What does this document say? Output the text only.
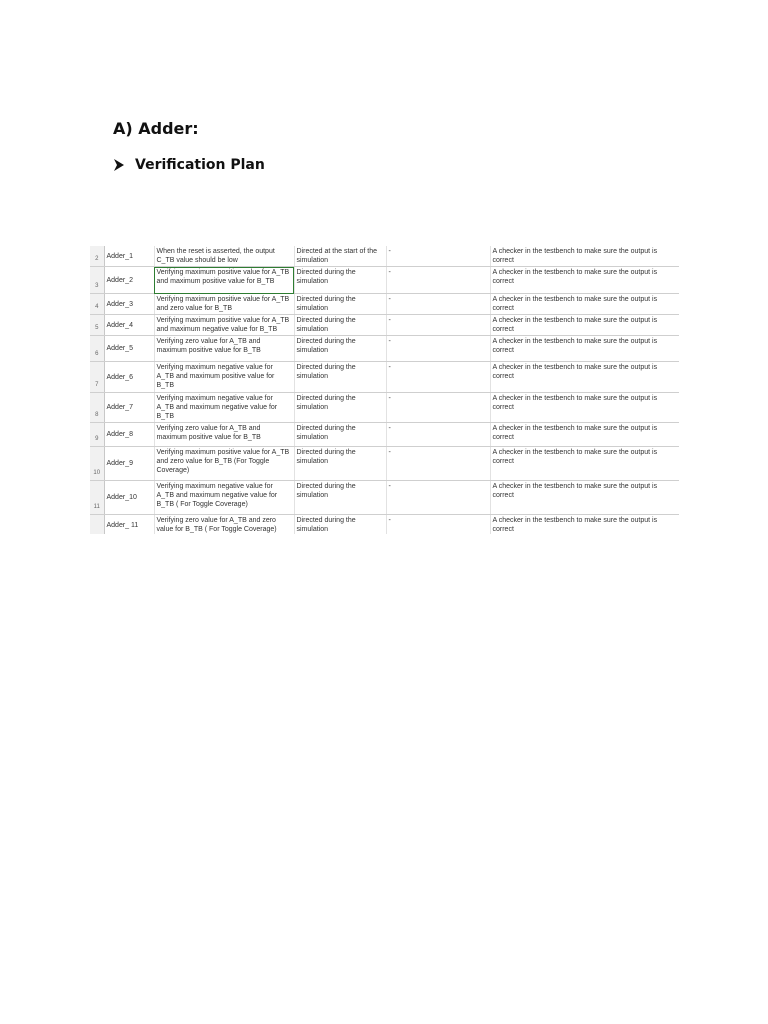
A) Adder:
Verification Plan
2	Adder_1	When the reset is asserted, the output C_TB value should be low	Directed at the start of the simulation	-	A checker in the testbench to make sure the output is correct
3	Adder_2	Verifying maximum positive value for A_TB and maximum positive value for B_TB	Directed during the simulation	-	A checker in the testbench to make sure the output is correct
4	Adder_3	Verifying maximum positive value for A_TB and zero value for B_TB	Directed during the simulation	-	A checker in the testbench to make sure the output is correct
5	Adder_4	Verifying maximum positive value for A_TB and maximum negative value for B_TB	Directed during the simulation	-	A checker in the testbench to make sure the output is correct
6	Adder_5	Verifying zero value for A_TB and maximum positive value for B_TB	Directed during the simulation	-	A checker in the testbench to make sure the output is correct
7	Adder_6	Verifying maximum negative value for A_TB and maximum positive value for B_TB	Directed during the simulation	-	A checker in the testbench to make sure the output is correct
8	Adder_7	Verifying maximum negative value for A_TB and maximum negative value for B_TB	Directed during the simulation	-	A checker in the testbench to make sure the output is correct
9	Adder_8	Verifying zero value for A_TB and maximum positive value for B_TB	Directed during the simulation	-	A checker in the testbench to make sure the output is correct
10	Adder_9	Verifying maximum positive value for A_TB and zero value for B_TB (For Toggle Coverage)	Directed during the simulation	-	A checker in the testbench to make sure the output is correct
11	Adder_10	Verifying maximum negative value for A_TB and maximum negative value for B_TB ( For Toggle Coverage)	Directed during the simulation	-	A checker in the testbench to make sure the output is correct
	Adder_ 11	Verifying zero value for A_TB and zero value for B_TB ( For Toggle Coverage)	Directed during the simulation	-	A checker in the testbench to make sure the output is correct
